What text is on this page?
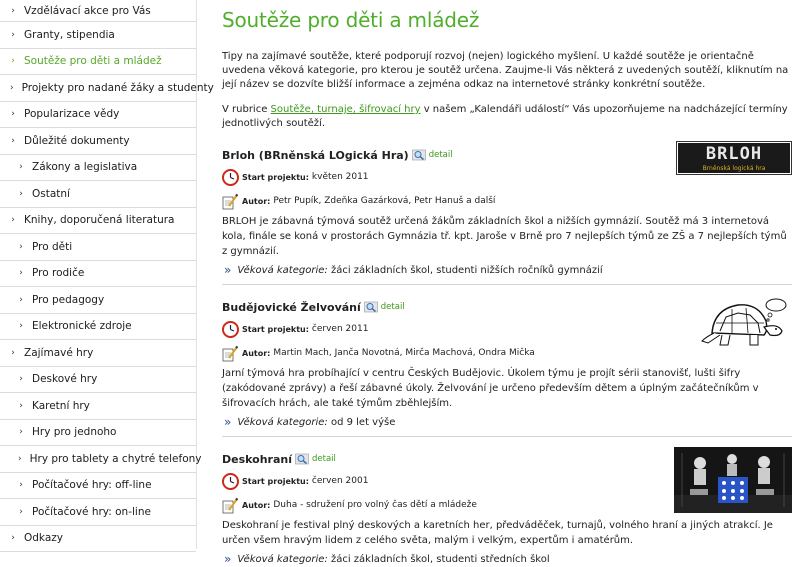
› Vzdělávací akce pro Vás
› Granty, stipendia
› Soutěže pro děti a mládež
› Projekty pro nadané žáky a studenty
› Popularizace vědy
› Důležité dokumenty
› Zákony a legislativa
› Ostatní
› Knihy, doporučená literatura
› Pro děti
› Pro rodiče
› Pro pedagogy
› Elektronické zdroje
› Zajímavé hry
› Deskové hry
› Karetní hry
› Hry pro jednoho
› Hry pro tablety a chytré telefony
› Počítačové hry: off-line
› Počítačové hry: on-line
› Odkazy
Soutěže pro děti a mládež

Tipy na zajímavé soutěže, které podporují rozvoj (nejen) logického myšlení. U každé soutěže je orientačně uvedena věková kategorie, pro kterou je soutěž určena. Zaujme-li Vás některá z uvedených soutěží, kliknutím na její název se dozvíte bližší informace a zejména odkaz na internetové stránky konkrétní soutěže.

V rubrice Soutěže, turnaje, šifrovací hry v našem „Kalendáři událostí“ Vás upozorňujeme na nadcházející termíny jednotlivých soutěží.

BRLOH
Brněnská logická hra
Brloh (BRněnská LOgická Hra) detail
Start projektu: květen 2011
Autor: Petr Pupík, Zdeňka Gazárková, Petr Hanuš a další

BRLOH je zábavná týmová soutěž určená žákům základních škol a nižších gymnázií. Soutěž má 3 internetová kola, finále se koná v prostorách Gymnázia tř. kpt. Jaroše v Brně pro 7 nejlepších týmů ze ZŠ a 7 nejlepších týmů z gymnázií.

» Věková kategorie:
žáci základních škol, studenti nižších ročníků gymnázií
Budějovické Želvování detail
Start projektu: červen 2011
Autor: Martin Mach, Janča Novotná, Mirča Machová, Ondra Mička

Jarní týmová hra probíhající v centru Českých Budějovic. Úkolem týmu je projít sérii stanovišť, lušti šifry (zakódované zprávy) a řeší zábavné úkoly. Želvování je určeno především dětem a úplným začátečníkům v šifrovacích hrách, ale také týmům zběhlejším.

» Věková kategorie:
od 9 let výše
Deskohraní detail
Start projektu: červen 2001
Autor: Duha - sdružení pro volný čas dětí a mládeže

Deskohraní je festival plný deskových a karetních her, předváděček, turnajů, volného hraní a jiných atrakcí. Je určen všem hravým lidem z celého světa, malým i velkým, expertům i amatérům.

» Věková kategorie:
žáci základních škol, studenti středních škol
